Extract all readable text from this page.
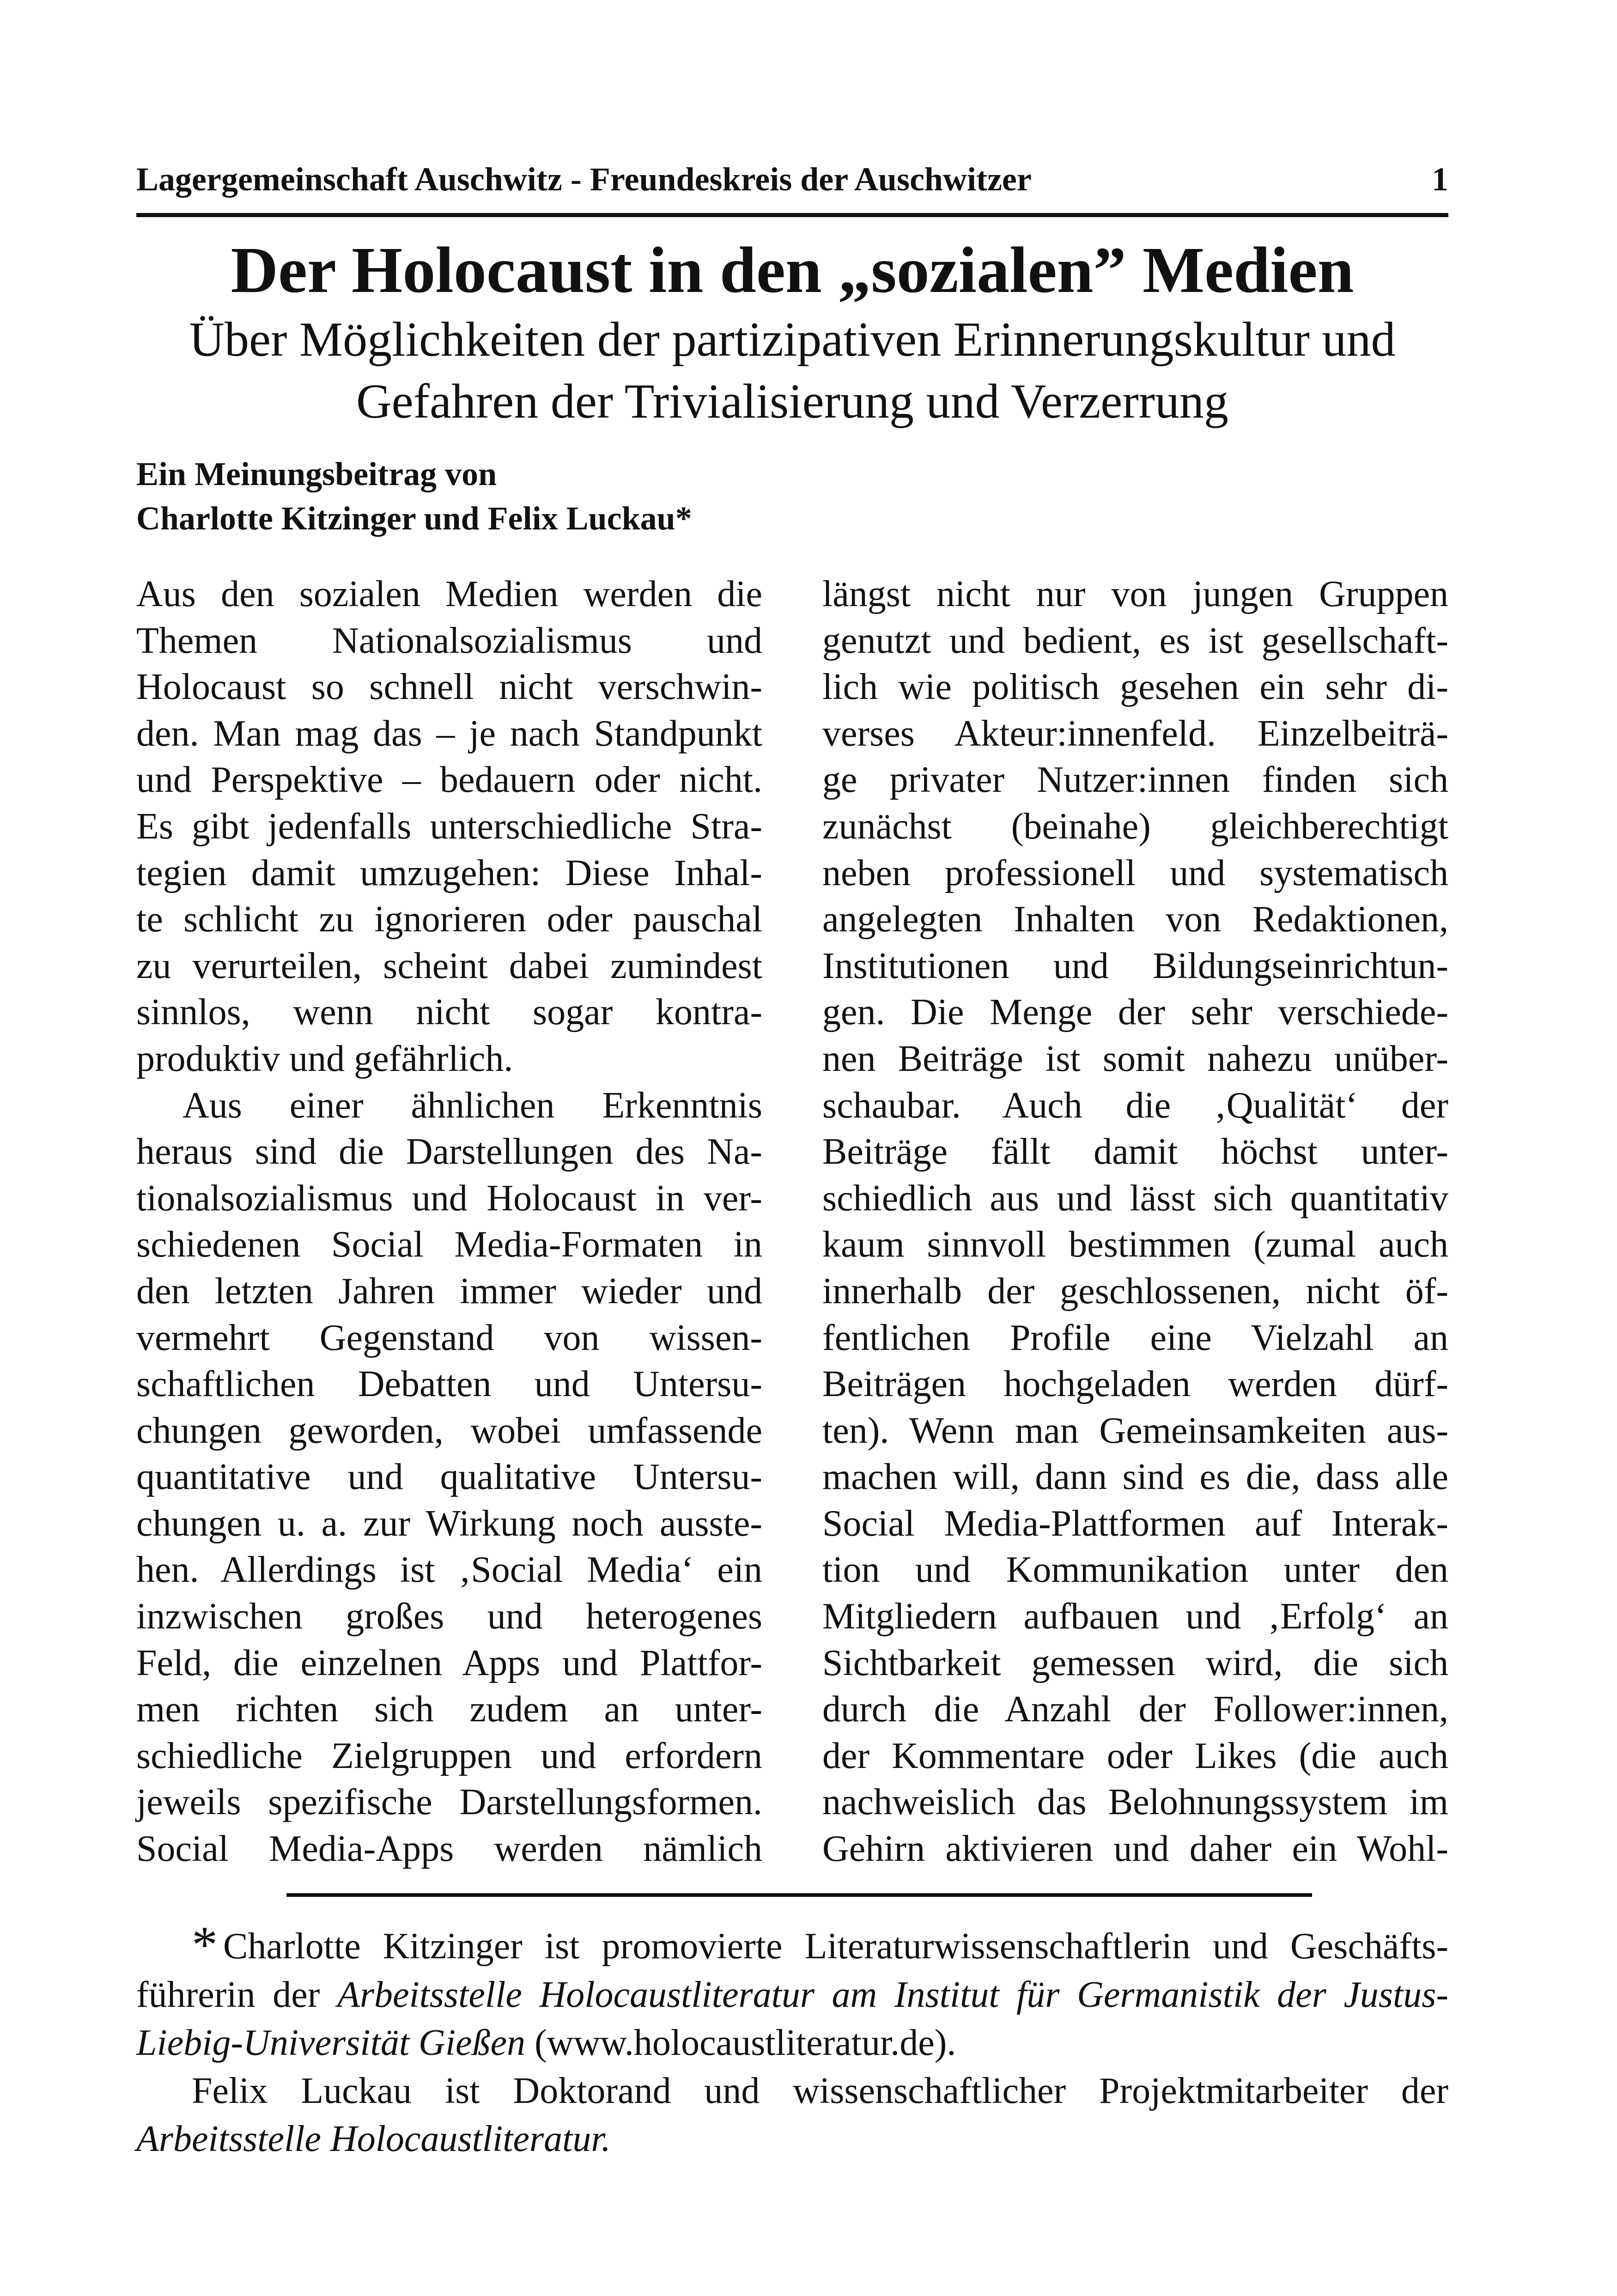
Lagergemeinschaft Auschwitz - Freundeskreis der Auschwitzer	1
Der Holocaust in den „sozialen” Medien
Über Möglichkeiten der partizipativen Erinnerungskultur und
Gefahren der Trivialisierung und Verzerrung
Ein Meinungsbeitrag von
Charlotte Kitzinger und Felix Luckau*
Aus den sozialen Medien werden die
Themen Nationalsozialismus und
Holocaust so schnell nicht verschwin-
den. Man mag das – je nach Standpunkt
und Perspektive – bedauern oder nicht.
Es gibt jedenfalls unterschiedliche Stra-
tegien damit umzugehen: Diese Inhal-
te schlicht zu ignorieren oder pauschal
zu verurteilen, scheint dabei zumindest
sinnlos, wenn nicht sogar kontra-
produktiv und gefährlich.
Aus einer ähnlichen Erkenntnis
heraus sind die Darstellungen des Na-
tionalsozialismus und Holocaust in ver-
schiedenen Social Media-Formaten in
den letzten Jahren immer wieder und
vermehrt Gegenstand von wissen-
schaftlichen Debatten und Untersu-
chungen geworden, wobei umfassende
quantitative und qualitative Untersu-
chungen u. a. zur Wirkung noch ausste-
hen. Allerdings ist ‚Social Media‘ ein
inzwischen großes und heterogenes
Feld, die einzelnen Apps und Plattfor-
men richten sich zudem an unter-
schiedliche Zielgruppen und erfordern
jeweils spezifische Darstellungsformen.
Social Media-Apps werden nämlich
längst nicht nur von jungen Gruppen
genutzt und bedient, es ist gesellschaft-
lich wie politisch gesehen ein sehr di-
verses Akteur:innenfeld. Einzelbeiträ-
ge privater Nutzer:innen finden sich
zunächst (beinahe) gleichberechtigt
neben professionell und systematisch
angelegten Inhalten von Redaktionen,
Institutionen und Bildungseinrichtun-
gen. Die Menge der sehr verschiede-
nen Beiträge ist somit nahezu unüber-
schaubar. Auch die ‚Qualität‘ der
Beiträge fällt damit höchst unter-
schiedlich aus und lässt sich quantitativ
kaum sinnvoll bestimmen (zumal auch
innerhalb der geschlossenen, nicht öf-
fentlichen Profile eine Vielzahl an
Beiträgen hochgeladen werden dürf-
ten). Wenn man Gemeinsamkeiten aus-
machen will, dann sind es die, dass alle
Social Media-Plattformen auf Interak-
tion und Kommunikation unter den
Mitgliedern aufbauen und ‚Erfolg‘ an
Sichtbarkeit gemessen wird, die sich
durch die Anzahl der Follower:innen,
der Kommentare oder Likes (die auch
nachweislich das Belohnungssystem im
Gehirn aktivieren und daher ein Wohl-
* Charlotte Kitzinger ist promovierte Literaturwissenschaftlerin und Geschäfts-
führerin der Arbeitsstelle Holocaustliteratur am Institut für Germanistik der Justus-
Liebig-Universität Gießen (www.holocaustliteratur.de).
Felix Luckau ist Doktorand und wissenschaftlicher Projektmitarbeiter der
Arbeitsstelle Holocaustliteratur.
